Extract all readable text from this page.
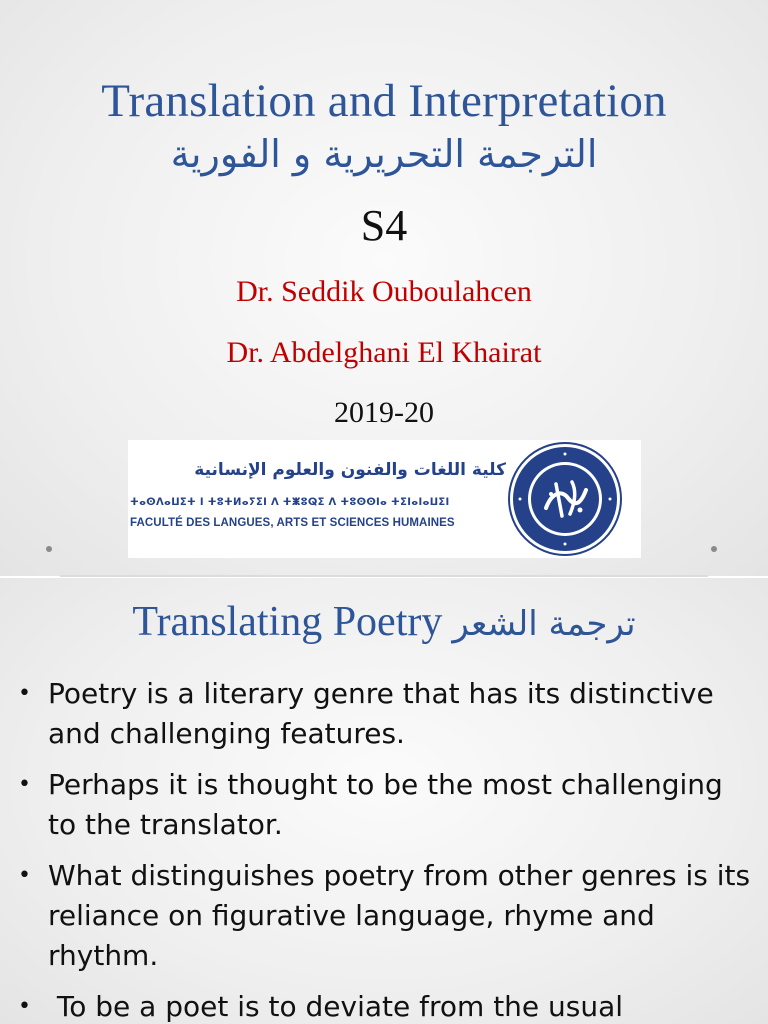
Translation and Interpretation
الترجمة التحريرية و الفورية
S4
Dr. Seddik Ouboulahcen
Dr. Abdelghani El Khairat
2019-20
كلية اللغات والفنون والعلوم الإنسانية
ⵜⴰⵙⴷⴰⵡⵉⵜ ⵏ ⵜⵓⵜⵍⴰⵢⵉⵏ ⴷ ⵜⵥⵓⵕⵉ ⴷ ⵜⵓⵙⵙⵏⴰ ⵜⵉⵏⴰⵏⴰⵡⵉⵏ
FACULTÉ DES LANGUES, ARTS ET SCIENCES HUMAINES
Translating Poetry ترجمة الشعر
• Poetry is a literary genre that has its distinctive and challenging features.
• Perhaps it is thought to be the most challenging to the translator.
• What distinguishes poetry from other genres is its reliance on figurative language, rhyme and rhythm.
• To be a poet is to deviate from the usual
